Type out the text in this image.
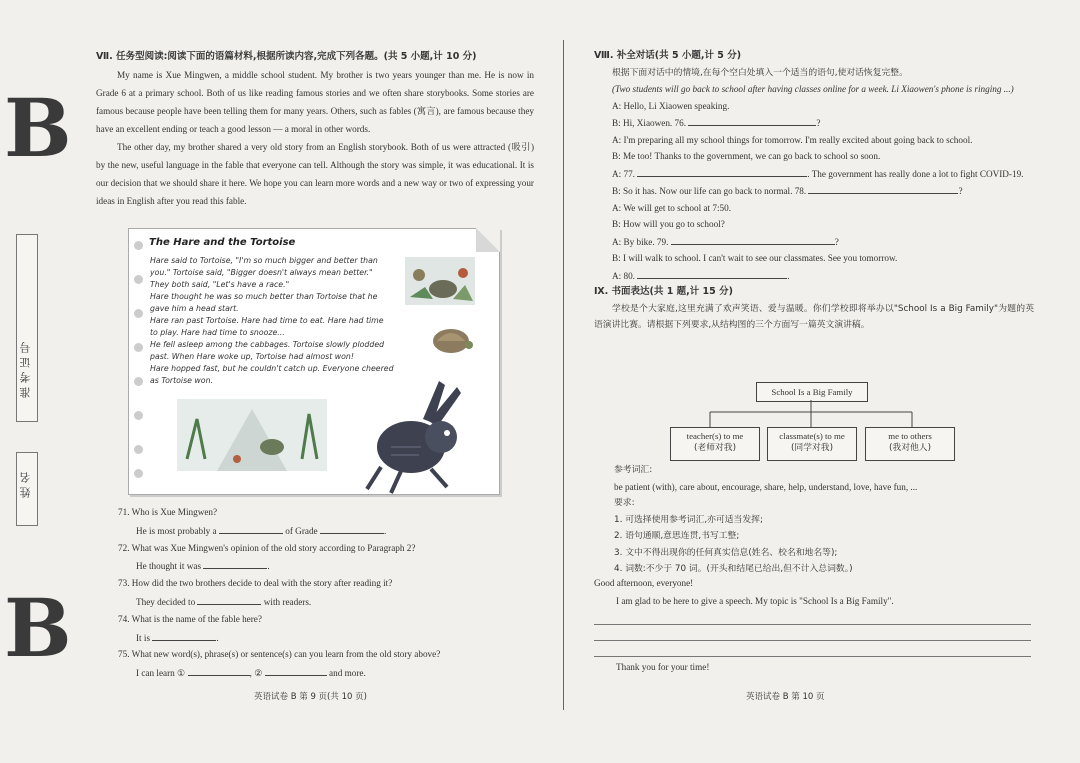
B
B
准考证号
姓名
Ⅶ. 任务型阅读:阅读下面的语篇材料,根据所读内容,完成下列各题。(共 5 小题,计 10 分)

My name is Xue Mingwen, a middle school student. My brother is two years younger than me. He is now in Grade 6 at a primary school. Both of us like reading famous stories and we often share storybooks. Some stories are famous because people have been telling them for many years. Others, such as fables (寓言), are famous because they have an excellent ending or teach a good lesson — a moral in other words.

The other day, my brother shared a very old story from an English storybook. Both of us were attracted (吸引) by the new, useful language in the fable that everyone can tell. Although the story was simple, it was educational. It is our decision that we should share it here. We hope you can learn more words and a new way or two of expressing your ideas in English after you read this fable.

The Hare and the Tortoise
Hare said to Tortoise, "I'm so much bigger and better than
you." Tortoise said, "Bigger doesn't always mean better."
They both said, "Let's have a race."
Hare thought he was so much better than Tortoise that he
gave him a head start.
Hare ran past Tortoise. Hare had time to eat. Hare had time
to play. Hare had time to snooze...
He fell asleep among the cabbages. Tortoise slowly plodded
past. When Hare woke up, Tortoise had almost won!
Hare hopped fast, but he couldn't catch up. Everyone cheered
as Tortoise won.
71. Who is Xue Mingwen?
He is most probably a	of Grade	.
72. What was Xue Mingwen's opinion of the old story according to Paragraph 2?
He thought it was	.
73. How did the two brothers decide to deal with the story after reading it?
They decided to	with readers.
74. What is the name of the fable here?
It is	.
75. What new word(s), phrase(s) or sentence(s) can you learn from the old story above?
I can learn ①	, ②	and more.
英语试卷 B 第 9 页(共 10 页)
Ⅷ. 补全对话(共 5 小题,计 5 分)
根据下面对话中的情境,在每个空白处填入一个适当的语句,使对话恢复完整。
(Two students will go back to school after having classes online for a week. Li Xiaowen's phone is ringing ...)
A: Hello, Li Xiaowen speaking.
B: Hi, Xiaowen. 76.	?
A: I'm preparing all my school things for tomorrow. I'm really excited about going back to school.
B: Me too! Thanks to the government, we can go back to school so soon.
A: 77.	. The government has really done a lot to fight COVID-19.
B: So it has. Now our life can go back to normal. 78.	?
A: We will get to school at 7:50.
B: How will you go to school?
A: By bike. 79.	?
B: I will walk to school. I can't wait to see our classmates. See you tomorrow.
A: 80.	.
Ⅸ. 书面表达(共 1 题,计 15 分)
学校是个大家庭,这里充满了欢声笑语、爱与温暖。你们学校即将举办以"School Is a Big Family"为题的英语演讲比赛。请根据下列要求,从结构图的三个方面写一篇英文演讲稿。
School Is a Big Family
teacher(s) to me
(老师对我)
classmate(s) to me
(同学对我)
me to others
(我对他人)
参考词汇:
be patient (with), care about, encourage, share, help, understand, love, have fun, ...
要求:
1. 可选择使用参考词汇,亦可适当发挥;
2. 语句通顺,意思连贯,书写工整;
3. 文中不得出现你的任何真实信息(姓名、校名和地名等);
4. 词数:不少于 70 词。(开头和结尾已给出,但不计入总词数。)
Good afternoon, everyone!
I am glad to be here to give a speech. My topic is "School Is a Big Family".
Thank you for your time!
英语试卷 B 第 10 页
